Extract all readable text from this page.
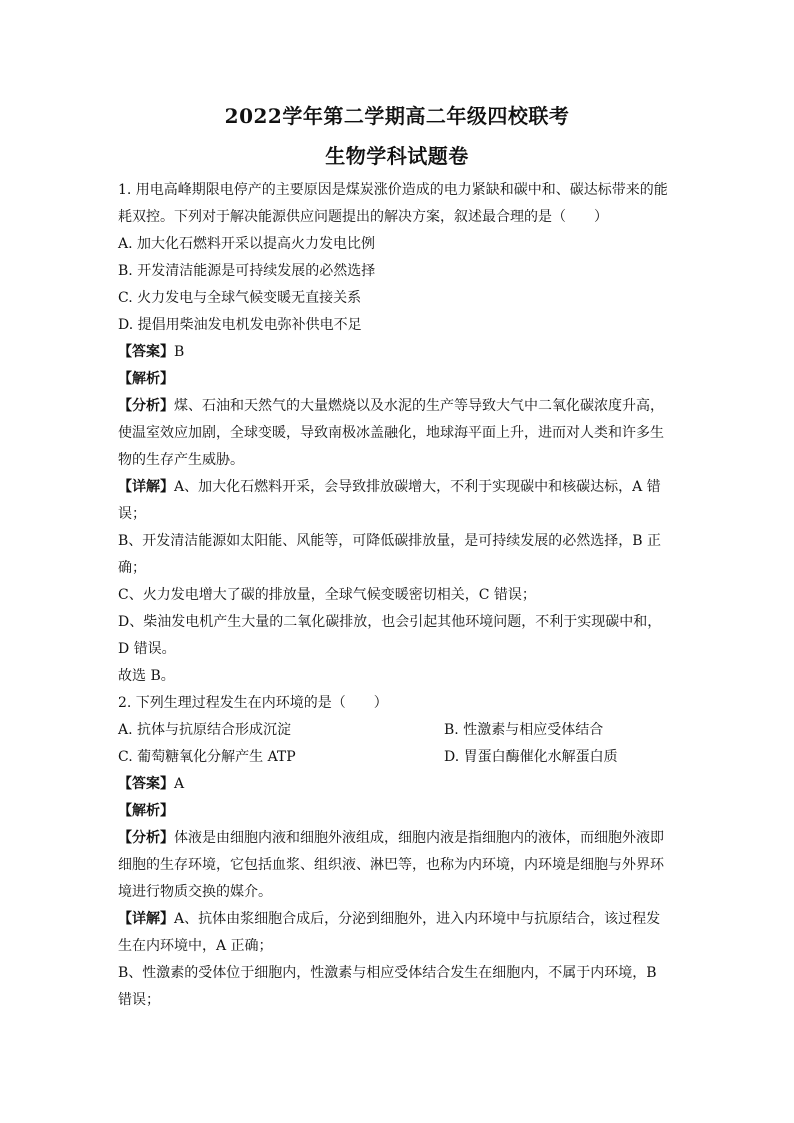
2022学年第二学期高二年级四校联考
生物学科试题卷
1. 用电高峰期限电停产的主要原因是煤炭涨价造成的电力紧缺和碳中和、碳达标带来的能
耗双控。下列对于解决能源供应问题提出的解决方案，叙述最合理的是（　　）
A. 加大化石燃料开采以提高火力发电比例
B. 开发清洁能源是可持续发展的必然选择
C. 火力发电与全球气候变暖无直接关系
D. 提倡用柴油发电机发电弥补供电不足
【答案】B
【解析】
【分析】煤、石油和天然气的大量燃烧以及水泥的生产等导致大气中二氧化碳浓度升高，
使温室效应加剧，全球变暖，导致南极冰盖融化，地球海平面上升，进而对人类和许多生
物的生存产生威胁。
【详解】A、加大化石燃料开采，会导致排放碳增大，不利于实现碳中和核碳达标，A 错
误；
B、开发清洁能源如太阳能、风能等，可降低碳排放量，是可持续发展的必然选择，B 正
确；
C、火力发电增大了碳的排放量，全球气候变暖密切相关，C 错误；
D、柴油发电机产生大量的二氧化碳排放，也会引起其他环境问题，不利于实现碳中和，
D 错误。
故选 B。
2. 下列生理过程发生在内环境的是（　　）
A. 抗体与抗原结合形成沉淀	B. 性激素与相应受体结合
C. 葡萄糖氧化分解产生 ATP	D. 胃蛋白酶催化水解蛋白质
【答案】A
【解析】
【分析】体液是由细胞内液和细胞外液组成，细胞内液是指细胞内的液体，而细胞外液即
细胞的生存环境，它包括血浆、组织液、淋巴等，也称为内环境，内环境是细胞与外界环
境进行物质交换的媒介。
【详解】A、抗体由浆细胞合成后，分泌到细胞外，进入内环境中与抗原结合，该过程发
生在内环境中，A 正确；
B、性激素的受体位于细胞内，性激素与相应受体结合发生在细胞内，不属于内环境，B
错误；
